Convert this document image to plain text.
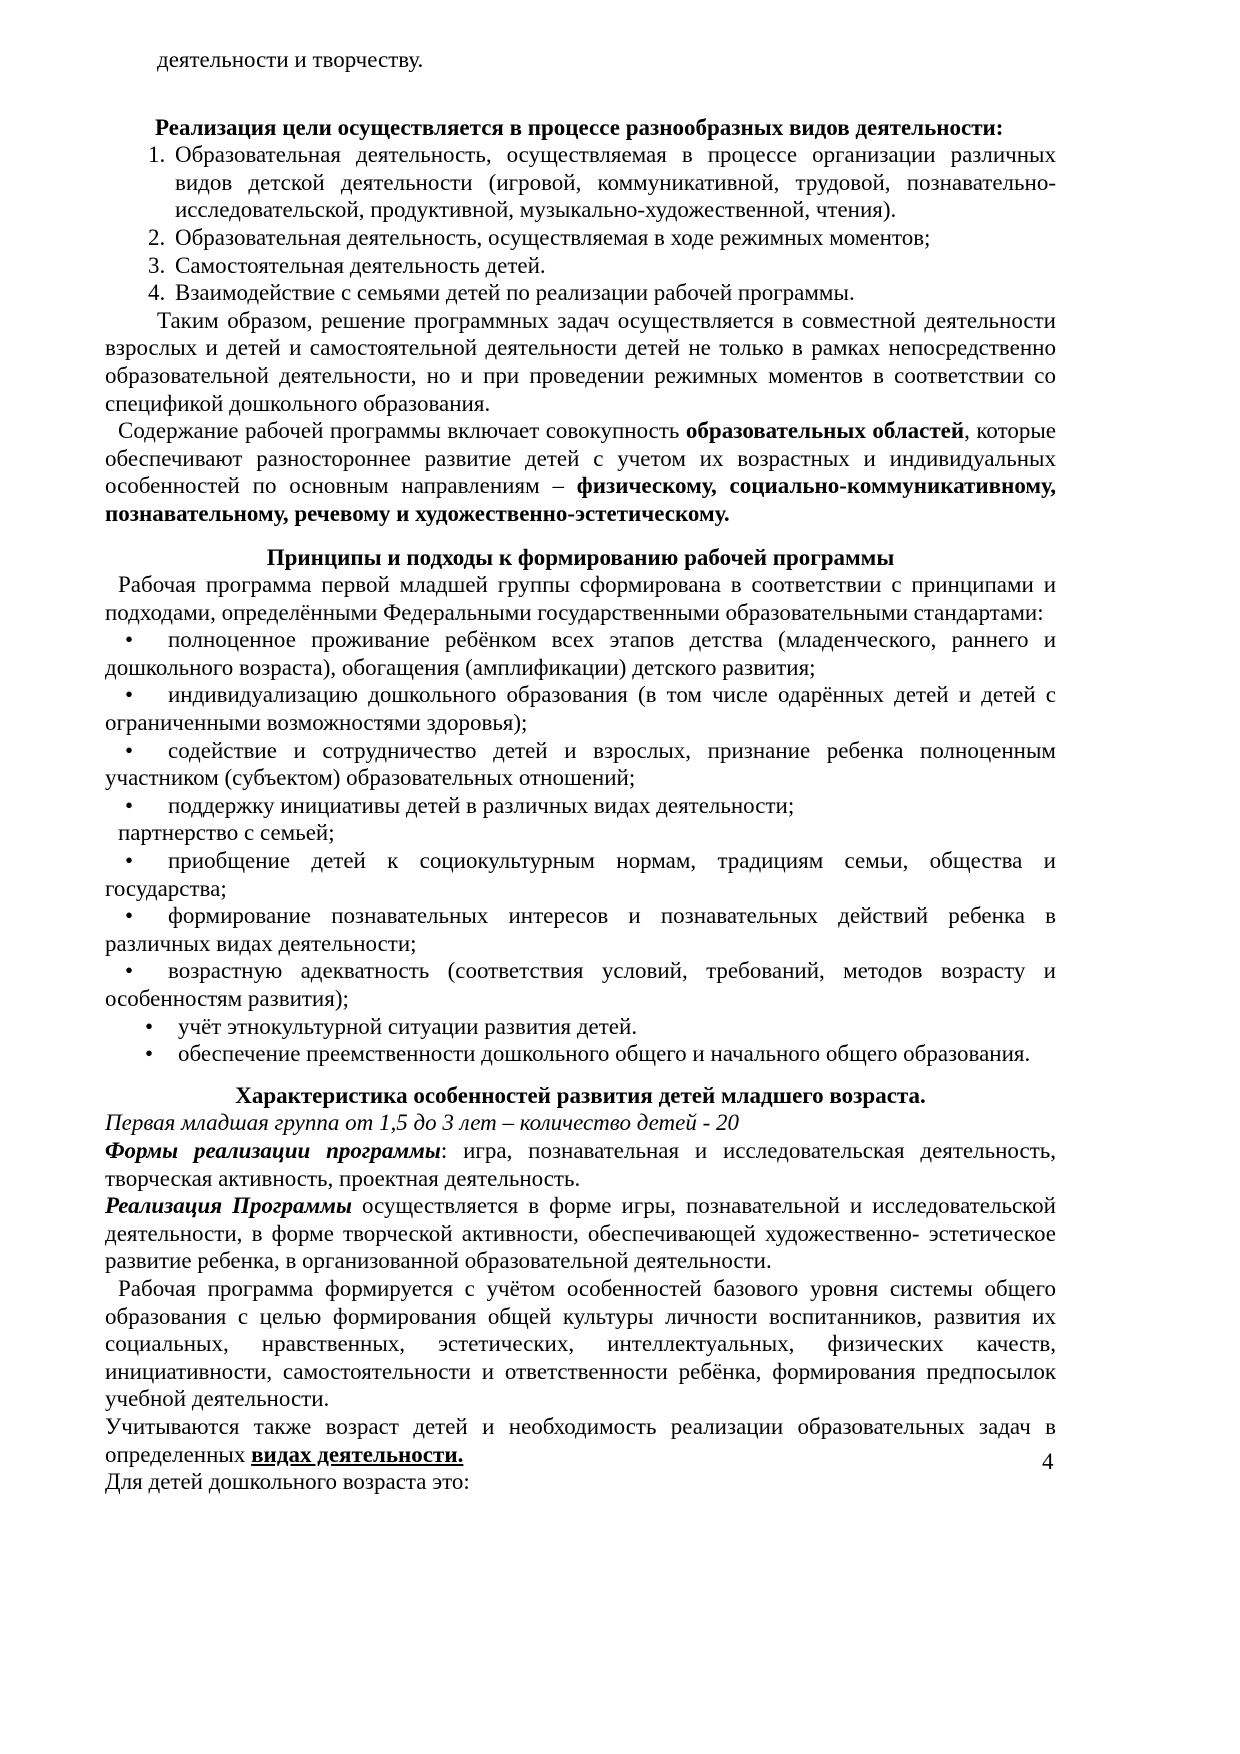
деятельности и творчеству.

Реализация цели осуществляется в процессе разнообразных видов деятельности:

1. Образовательная деятельность, осуществляемая в процессе организации различных видов детской деятельности (игровой, коммуникативной, трудовой, познавательно-исследовательской, продуктивной, музыкально-художественной, чтения).
2. Образовательная деятельность, осуществляемая в ходе режимных моментов;
3. Самостоятельная деятельность детей.
4. Взаимодействие с семьями детей по реализации рабочей программы.

Таким образом, решение программных задач осуществляется в совместной деятельности взрослых и детей и самостоятельной деятельности детей не только в рамках непосредственно образовательной деятельности, но и при проведении режимных моментов в соответствии со спецификой дошкольного образования.

Содержание рабочей программы включает совокупность образовательных областей, которые обеспечивают разностороннее развитие детей с учетом их возрастных и индивидуальных особенностей по основным направлениям – физическому, социально-коммуникативному, познавательному, речевому и художественно-эстетическому.

Принципы и подходы к формированию рабочей программы

Рабочая программа первой младшей группы сформирована в соответствии с принципами и подходами, определёнными Федеральными государственными образовательными стандартами:

• полноценное проживание ребёнком всех этапов детства (младенческого, раннего и дошкольного возраста), обогащения (амплификации) детского развития;
• индивидуализацию дошкольного образования (в том числе одарённых детей и детей с ограниченными возможностями здоровья);
• содействие и сотрудничество детей и взрослых, признание ребенка полноценным участником (субъектом) образовательных отношений;
• поддержку инициативы детей в различных видах деятельности;

партнерство с семьей;

• приобщение детей к социокультурным нормам, традициям семьи, общества и государства;
• формирование познавательных интересов и познавательных действий ребенка в различных видах деятельности;
• возрастную адекватность (соответствия условий, требований, методов возрасту и особенностям развития);
• учёт этнокультурной ситуации развития детей.
• обеспечение преемственности дошкольного общего и начального общего образования.

Характеристика особенностей развития детей младшего возраста.

Первая младшая группа от 1,5 до 3 лет – количество детей - 20

Формы реализации программы: игра, познавательная и исследовательская деятельность, творческая активность, проектная деятельность.

Реализация Программы осуществляется в форме игры, познавательной и исследовательской деятельности, в форме творческой активности, обеспечивающей художественно- эстетическое развитие ребенка, в организованной образовательной деятельности.

Рабочая программа формируется с учётом особенностей базового уровня системы общего образования с целью формирования общей культуры личности воспитанников, развития их социальных, нравственных, эстетических, интеллектуальных, физических качеств, инициативности, самостоятельности и ответственности ребёнка, формирования предпосылок учебной деятельности.

Учитываются также возраст детей и необходимость реализации образовательных задач в определенных видах деятельности.

Для детей дошкольного возраста это:

4
